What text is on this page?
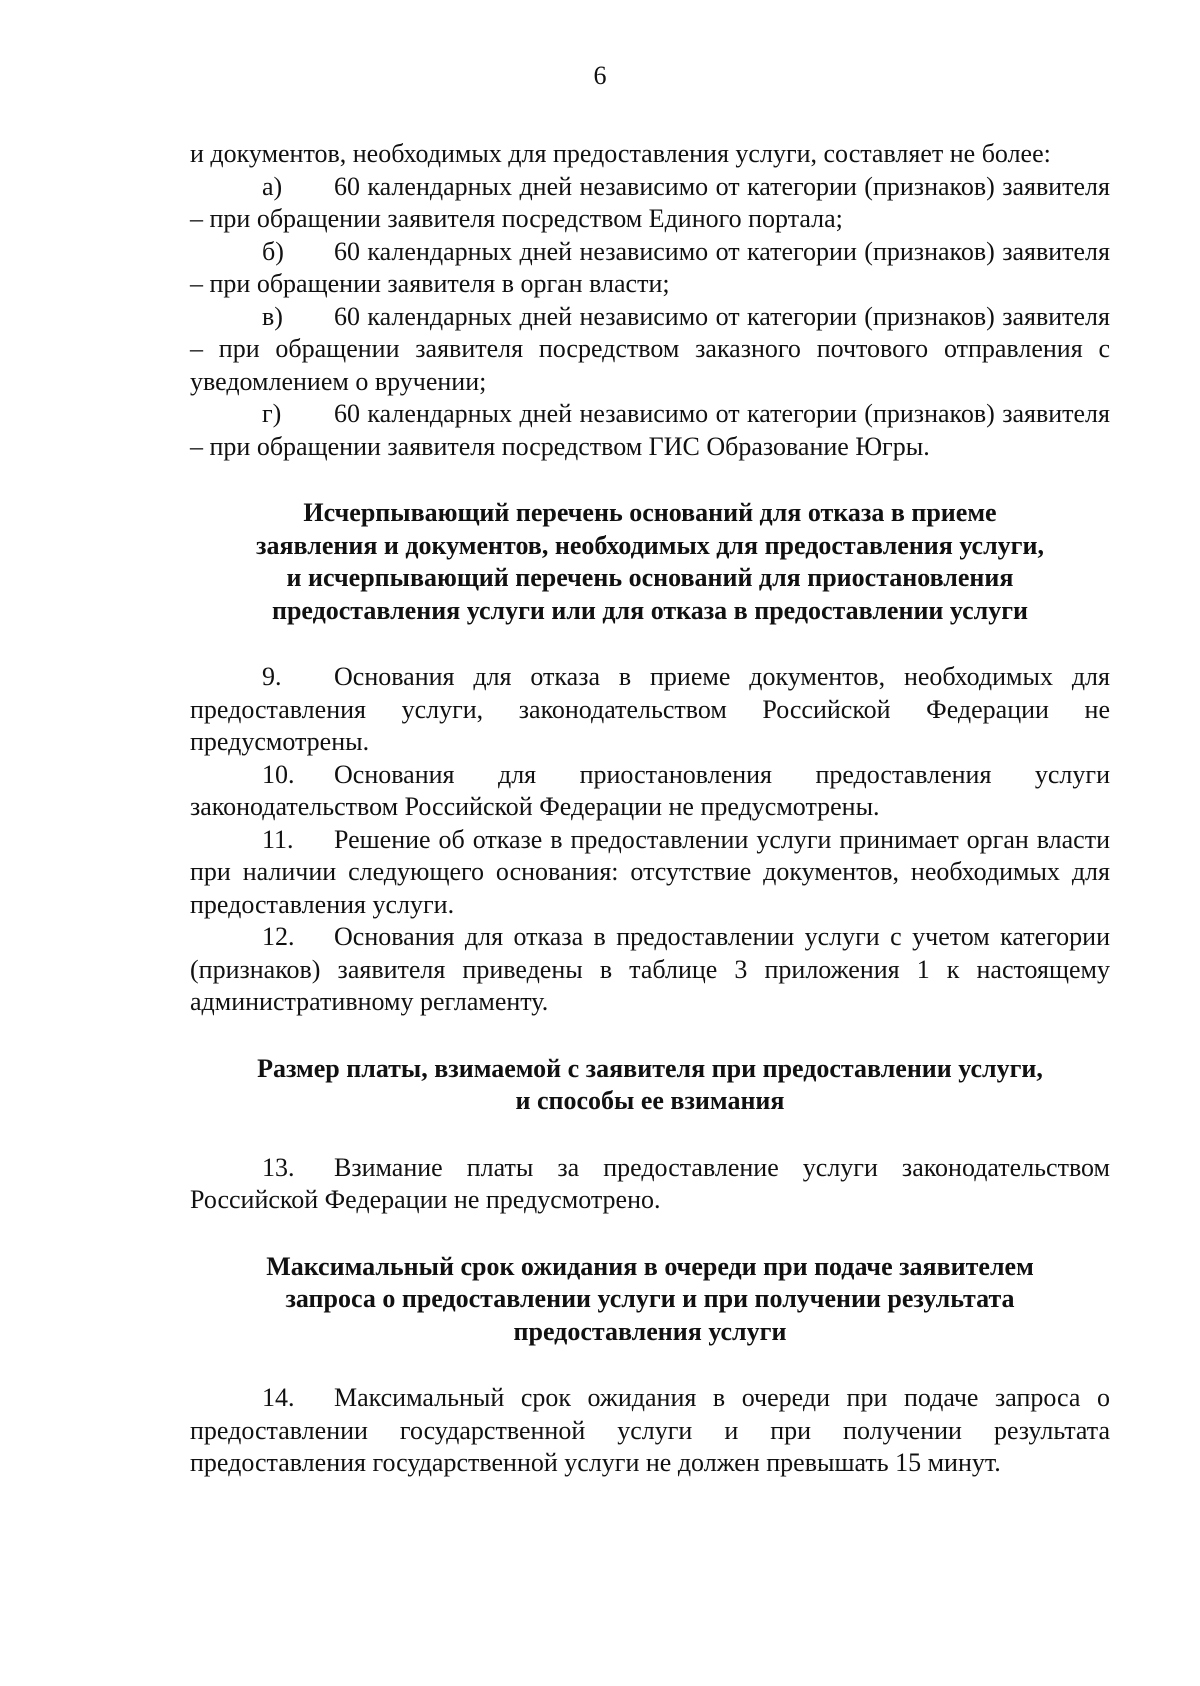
6

и документов, необходимых для предоставления услуги, составляет не более:

а) 60 календарных дней независимо от категории (признаков) заявителя – при обращении заявителя посредством Единого портала;

б) 60 календарных дней независимо от категории (признаков) заявителя – при обращении заявителя в орган власти;

в) 60 календарных дней независимо от категории (признаков) заявителя – при обращении заявителя посредством заказного почтового отправления с уведомлением о вручении;

г) 60 календарных дней независимо от категории (признаков) заявителя – при обращении заявителя посредством ГИС Образование Югры.

Исчерпывающий перечень оснований для отказа в приеме
заявления и документов, необходимых для предоставления услуги,
и исчерпывающий перечень оснований для приостановления
предоставления услуги или для отказа в предоставлении услуги

9. Основания для отказа в приеме документов, необходимых для предоставления услуги, законодательством Российской Федерации не предусмотрены.

10. Основания для приостановления предоставления услуги законодательством Российской Федерации не предусмотрены.

11. Решение об отказе в предоставлении услуги принимает орган власти при наличии следующего основания: отсутствие документов, необходимых для предоставления услуги.

12. Основания для отказа в предоставлении услуги с учетом категории (признаков) заявителя приведены в таблице 3 приложения 1 к настоящему административному регламенту.

Размер платы, взимаемой с заявителя при предоставлении услуги,
и способы ее взимания

13. Взимание платы за предоставление услуги законодательством Российской Федерации не предусмотрено.

Максимальный срок ожидания в очереди при подаче заявителем
запроса о предоставлении услуги и при получении результата
предоставления услуги

14. Максимальный срок ожидания в очереди при подаче запроса о предоставлении государственной услуги и при получении результата предоставления государственной услуги не должен превышать 15 минут.
